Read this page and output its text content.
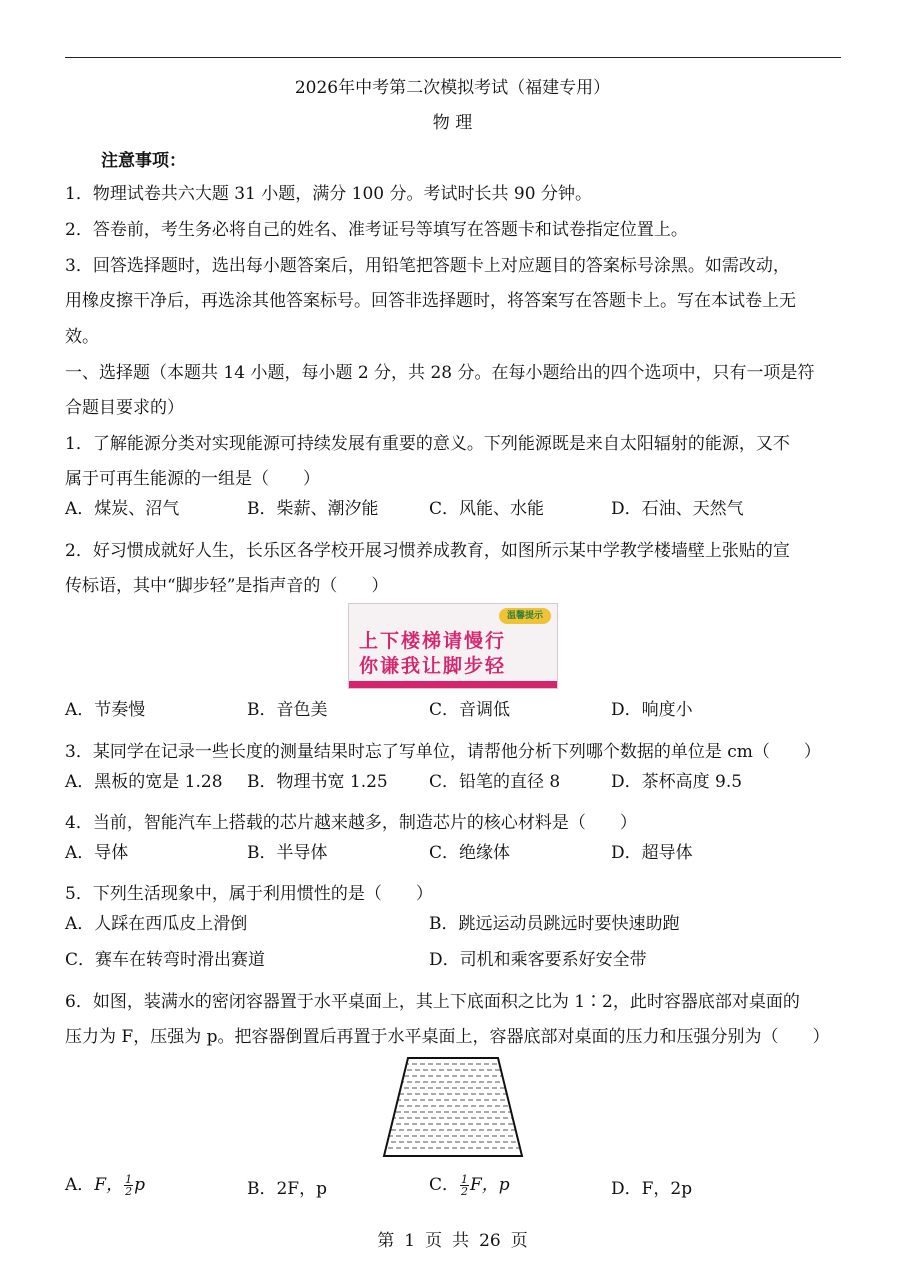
2026年中考第二次模拟考试（福建专用）
物 理
注意事项：
1．物理试卷共六大题 31 小题，满分 100 分。考试时长共 90 分钟。
2．答卷前，考生务必将自己的姓名、准考证号等填写在答题卡和试卷指定位置上。
3．回答选择题时，选出每小题答案后，用铅笔把答题卡上对应题目的答案标号涂黑。如需改动，
用橡皮擦干净后，再选涂其他答案标号。回答非选择题时，将答案写在答题卡上。写在本试卷上无
效。
一、选择题（本题共 14 小题，每小题 2 分，共 28 分。在每小题给出的四个选项中，只有一项是符
合题目要求的）
1．了解能源分类对实现能源可持续发展有重要的意义。下列能源既是来自太阳辐射的能源，又不
属于可再生能源的一组是（　　）
A．煤炭、沼气	B．柴薪、潮汐能	C．风能、水能	D．石油、天然气
2．好习惯成就好人生，长乐区各学校开展习惯养成教育，如图所示某中学教学楼墙壁上张贴的宣
传标语，其中“脚步轻”是指声音的（　　）
温馨提示
上下楼梯请慢行
你谦我让脚步轻
A．节奏慢	B．音色美	C．音调低	D．响度小
3．某同学在记录一些长度的测量结果时忘了写单位，请帮他分析下列哪个数据的单位是 cm（　　）
A．黑板的宽是 1.28 B．物理书宽 1.25 C．铅笔的直径 8	D．茶杯高度 9.5
4．当前，智能汽车上搭载的芯片越来越多，制造芯片的核心材料是（　　）
A．导体	B．半导体	C．绝缘体	D．超导体
5．下列生活现象中，属于利用惯性的是（　　）
A．人踩在西瓜皮上滑倒	B．跳远运动员跳远时要快速助跑
C．赛车在转弯时滑出赛道	D．司机和乘客要系好安全带
6．如图，装满水的密闭容器置于水平桌面上，其上下底面积之比为 1∶2，此时容器底部对桌面的
压力为 F，压强为 p。把容器倒置后再置于水平桌面上，容器底部对桌面的压力和压强分别为（　　）
A．F， $\frac{1}{2}$ p	B．2F，p	C． $\frac{1}{2}$ F，p	D．F，2p
第 1 页 共 26 页
